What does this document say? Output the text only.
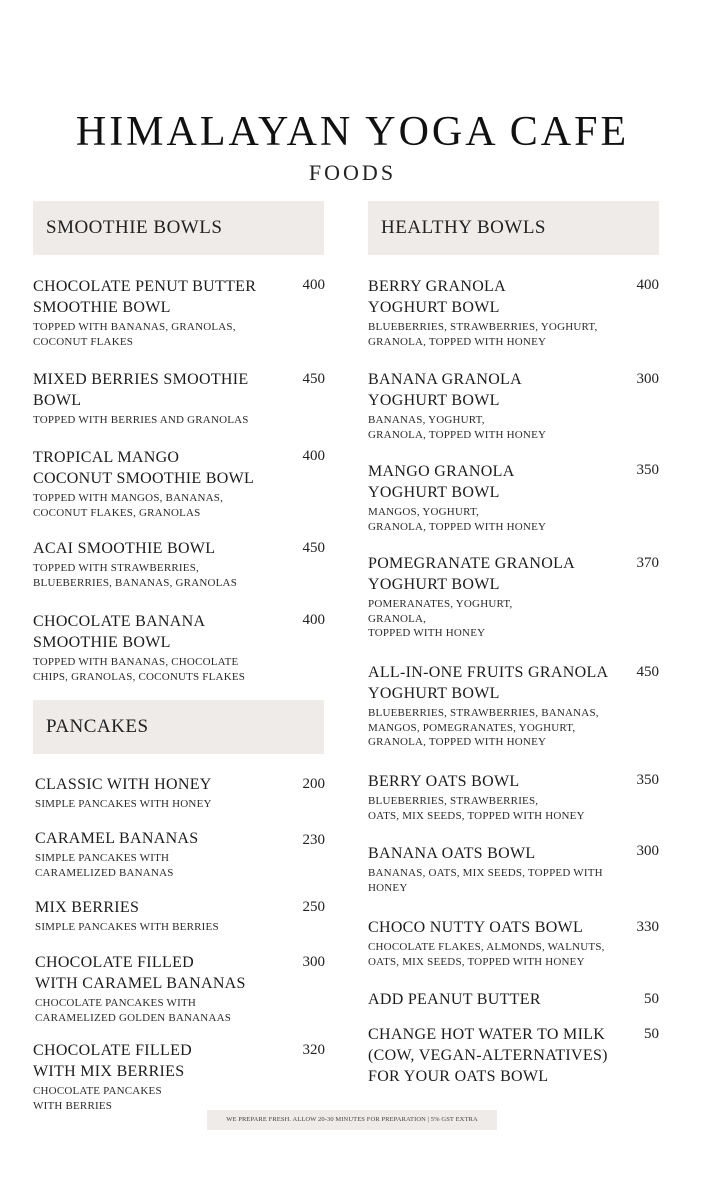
HIMALAYAN YOGA CAFE
FOODS
SMOOTHIE BOWLS	HEALTHY BOWLS
PANCAKES
CHOCOLATE PENUT BUTTER
SMOOTHIE BOWL
TOPPED WITH BANANAS, GRANOLAS,
COCONUT FLAKES
400
MIXED BERRIES SMOOTHIE
BOWL
TOPPED WITH BERRIES AND GRANOLAS
450
TROPICAL MANGO
COCONUT SMOOTHIE BOWL
TOPPED WITH MANGOS, BANANAS,
COCONUT FLAKES, GRANOLAS
400
ACAI SMOOTHIE BOWL
TOPPED WITH STRAWBERRIES,
BLUEBERRIES, BANANAS, GRANOLAS
450
CHOCOLATE BANANA
SMOOTHIE BOWL
TOPPED WITH BANANAS, CHOCOLATE
CHIPS, GRANOLAS, COCONUTS FLAKES
400
CLASSIC WITH HONEY
SIMPLE PANCAKES WITH HONEY
200
CARAMEL BANANAS
SIMPLE PANCAKES WITH
CARAMELIZED BANANAS
230
MIX BERRIES
SIMPLE PANCAKES WITH BERRIES
250
CHOCOLATE FILLED
WITH CARAMEL BANANAS
CHOCOLATE PANCAKES WITH
CARAMELIZED GOLDEN BANANAAS
300
CHOCOLATE FILLED
WITH MIX BERRIES
CHOCOLATE PANCAKES
WITH BERRIES
320
BERRY GRANOLA
YOGHURT BOWL
BLUEBERRIES, STRAWBERRIES, YOGHURT,
GRANOLA, TOPPED WITH HONEY
400
BANANA GRANOLA
YOGHURT BOWL
BANANAS, YOGHURT,
GRANOLA, TOPPED WITH HONEY
300
MANGO GRANOLA
YOGHURT BOWL
MANGOS, YOGHURT,
GRANOLA, TOPPED WITH HONEY
350
POMEGRANATE GRANOLA
YOGHURT BOWL
POMERANATES, YOGHURT,
GRANOLA,
TOPPED WITH HONEY
370
ALL-IN-ONE FRUITS GRANOLA
YOGHURT BOWL
BLUEBERRIES, STRAWBERRIES, BANANAS,
MANGOS, POMEGRANATES, YOGHURT,
GRANOLA, TOPPED WITH HONEY
450
BERRY OATS BOWL
BLUEBERRIES, STRAWBERRIES,
OATS, MIX SEEDS, TOPPED WITH HONEY
350
BANANA OATS BOWL
BANANAS, OATS, MIX SEEDS, TOPPED WITH
HONEY
300
CHOCO NUTTY OATS BOWL
CHOCOLATE FLAKES, ALMONDS, WALNUTS,
OATS, MIX SEEDS, TOPPED WITH HONEY
330
ADD PEANUT BUTTER	50
CHANGE HOT WATER TO MILK
(COW, VEGAN-ALTERNATIVES)
FOR YOUR OATS BOWL
50
WE PREPARE FRESH. ALLOW 20-30 MINUTES FOR PREPARATION | 5% GST EXTRA
